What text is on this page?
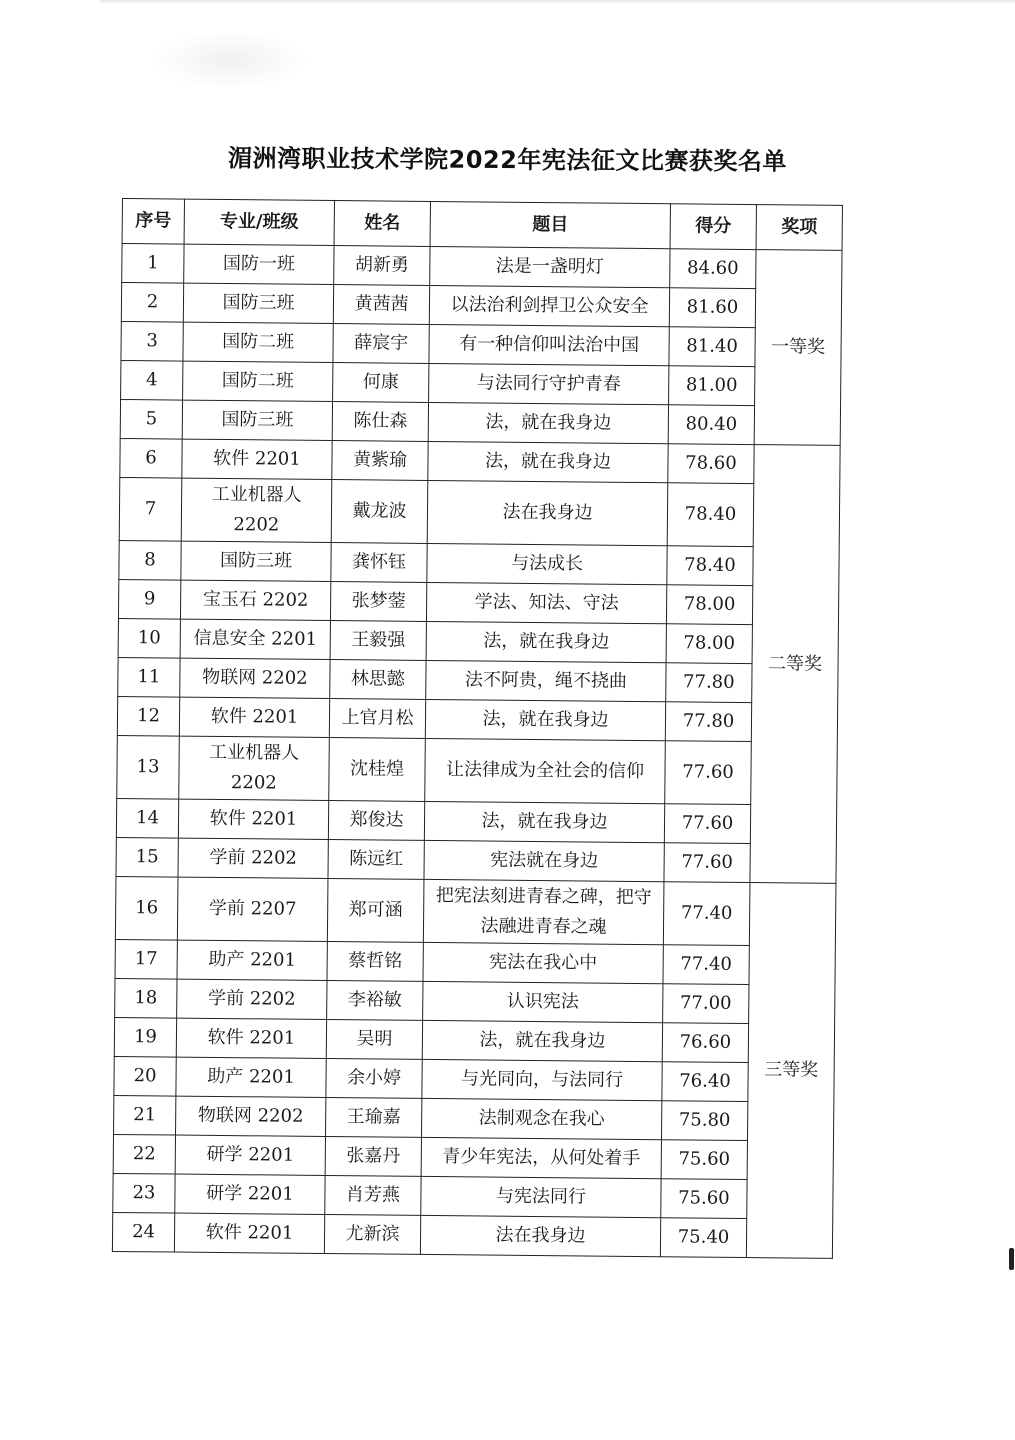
湄洲湾职业技术学院2022年宪法征文比赛获奖名单
序号	专业/班级	姓名	题目	得分	奖项
1	国防一班	胡新勇	法是一盏明灯	84.60	一等奖
2	国防三班	黄茜茜	以法治利剑捍卫公众安全	81.60	
3	国防二班	薛宸宇	有一种信仰叫法治中国	81.40	
4	国防二班	何康	与法同行守护青春	81.00	
5	国防三班	陈仕森	法，就在我身边	80.40	
6	软件 2201	黄紫瑜	法，就在我身边	78.60	二等奖
7	工业机器人 2202	戴龙波	法在我身边	78.40	
8	国防三班	龚怀钰	与法成长	78.40	
9	宝玉石 2202	张梦蓥	学法、知法、守法	78.00	
10	信息安全 2201	王毅强	法，就在我身边	78.00	
11	物联网 2202	林思懿	法不阿贵，绳不挠曲	77.80	
12	软件 2201	上官月松	法，就在我身边	77.80	
13	工业机器人 2202	沈桂煌	让法律成为全社会的信仰	77.60	
14	软件 2201	郑俊达	法，就在我身边	77.60	
15	学前 2202	陈远红	宪法就在身边	77.60	
16	学前 2207	郑可涵	把宪法刻进青春之碑，把守法融进青春之魂	77.40	三等奖
17	助产 2201	蔡哲铭	宪法在我心中	77.40	
18	学前 2202	李裕敏	认识宪法	77.00	
19	软件 2201	吴明	法，就在我身边	76.60	
20	助产 2201	余小婷	与光同向，与法同行	76.40	
21	物联网 2202	王瑜嘉	法制观念在我心	75.80	
22	研学 2201	张嘉丹	青少年宪法，从何处着手	75.60	
23	研学 2201	肖芳燕	与宪法同行	75.60	
24	软件 2201	尤新滨	法在我身边	75.40	
